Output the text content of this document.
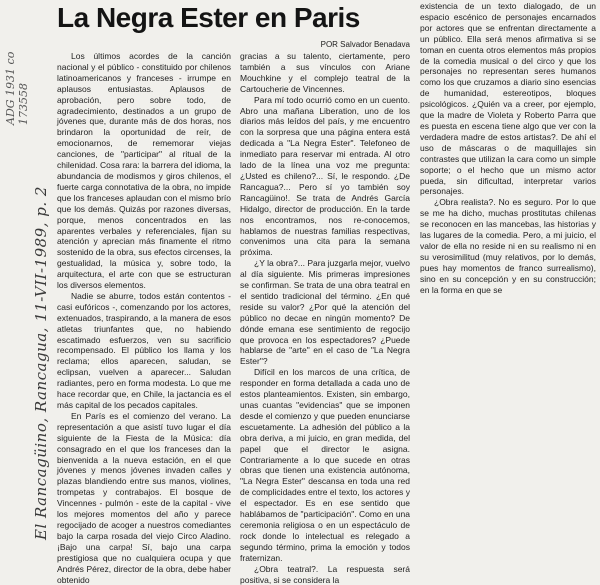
ADG 1931 co 173558
El Rancagüino, Rancagua, 11-VII-1989, p. 2
La Negra Ester en Paris
POR Salvador Benadava

Los últimos acordes de la canción nacional y el público - constituido por chilenos latinoamericanos y franceses - irrumpe en aplausos entusiastas. Aplausos de aprobación, pero sobre todo, de agradecimiento, destinados a un grupo de jóvenes que, durante más de dos horas, nos brindaron la oportunidad de reír, de emocionarnos, de rememorar viejas canciones, de "participar" al ritual de la chilenidad. Cosa rara: la barrera del idioma, la abundancia de modismos y giros chilenos, el fuerte carga connotativa de la obra, no impide que los franceses aplaudan con el mismo brío que los demás. Quizás por razones diversas, porque, menos concentrados en las aparentes verbales y referenciales, fijan su atención y aprecian más finamente el ritmo sostenido de la obra, sus efectos circenses, la gestualidad, la música y, sobre todo, la arquitectura, el arte con que se estructuran los diversos elementos.

Nadie se aburre, todos están contentos - casi eufóricos -, comenzando por los actores, extenuados, traspirando, a la manera de esos atletas triunfantes que, no habiendo escatimado esfuerzos, ven su sacrificio recompensado. El público los llama y los reclama; ellos aparecen, saludan, se eclipsan, vuelven a aparecer... Saludan radiantes, pero en forma modesta. Lo que me hace recordar que, en Chile, la jactancia es el más capital de los pecados capitales.

En París es el comienzo del verano. La representación a que asistí tuvo lugar el día siguiente de la Fiesta de la Música: día consagrado en el que los franceses dan la bienvenida a la nueva estación, en el que jóvenes y menos jóvenes invaden calles y plazas blandiendo entre sus manos, violines, trompetas y contrabajos. El bosque de Vincennes - pulmón - este de la capital - vive los mejores momentos del año y parece regocijado de acoger a nuestros comediantes bajo la carpa rosada del viejo Circo Aladino. ¡Bajo una carpa! Sí, bajo una carpa prestigiosa que no cualquiera ocupa y que Andrés Pérez, director de la obra, debe haber obtenido

gracias a su talento, ciertamente, pero también a sus vínculos con Ariane Mouchkine y el complejo teatral de la Cartoucherie de Vincennes.

Para mí todo ocurrió como en un cuento. Abro una mañana Liberation, uno de los diarios más leídos del país, y me encuentro con la sorpresa que una página entera está dedicada a "La Negra Ester". Telefoneo de inmediato para reservar mi entrada. Al otro lado de la línea una voz me pregunta: ¿Usted es chileno?... Sí, le respondo. ¿De Rancagua?... Pero sí yo también soy Rancagüino!. Se trata de Andrés García Hidalgo, director de producción. En la tarde nos encontramos, nos re-conocemos, hablamos de nuestras familias respectivas, convenimos una cita para la semana próxima.

¿Y la obra?... Para juzgarla mejor, vuelvo al día siguiente. Mis primeras impresiones se confirman. Se trata de una obra teatral en el sentido tradicional del término. ¿En qué reside su valor? ¿Por qué la atención del público no decae en ningún momento? De dónde emana ese sentimiento de regocijo que provoca en los espectadores? ¿Puede hablarse de "arte" en el caso de "La Negra Ester"?

Difícil en los marcos de una crítica, de responder en forma detallada a cada uno de estos planteamientos. Existen, sin embargo, unas cuantas "evidencias" que se imponen desde el comienzo y que pueden enunciarse escuetamente. La adhesión del público a la obra deriva, a mi juicio, en gran medida, del papel que el director le asigna. Contrariamente a lo que sucede en otras obras que tienen una existencia autónoma, "La Negra Ester" descansa en toda una red de complicidades entre el texto, los actores y el espectador. Es en ese sentido que hablábamos de "participación". Como en una ceremonia religiosa o en un espectáculo de rock donde lo intelectual es relegado a segundo término, prima la emoción y todos fraternizan.

¿Obra teatral?. La respuesta será positiva, si se considera la

existencia de un texto dialogado, de un espacio escénico de personajes encarnados por actores que se enfrentan directamente a un público. Ella será menos afirmativa si se toman en cuenta otros elementos más propios de la comedia musical o del circo y que los personajes no representan seres humanos como los que cruzamos a diario sino esencias de humanidad, estereotipos, bloques psicológicos. ¿Quién va a creer, por ejemplo, que la madre de Violeta y Roberto Parra que es puesta en escena tiene algo que ver con la verdadera madre de estos artistas?. De ahí el uso de máscaras o de maquillajes sin contrastes que utilizan la cara como un simple soporte; o el hecho que un mismo actor pueda, sin dificultad, interpretar varios personajes.

¿Obra realista?. No es seguro. Por lo que se me ha dicho, muchas prostitutas chilenas se reconocen en las mancebas, las historias y las lugares de la comedia. Pero, a mi juicio, el valor de ella no reside ni en su realismo ni en su verosimilitud (muy relativos, por lo demás, pues hay momentos de franco surrealismo), sino en su concepción y en su construcción; en la forma en que se
